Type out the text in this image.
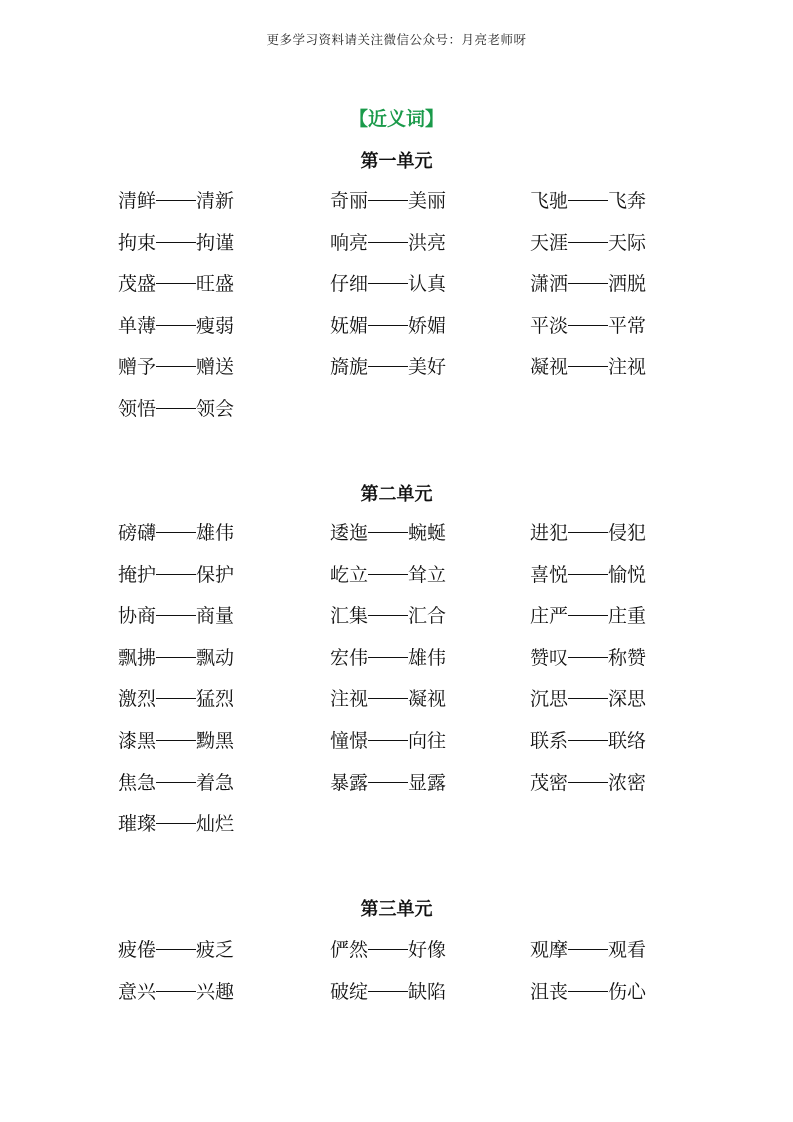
更多学习资料请关注微信公众号：月亮老师呀
【近义词】
第一单元
清鲜 清新	奇丽 美丽	飞驰 飞奔
拘束 拘谨	响亮 洪亮	天涯 天际
茂盛 旺盛	仔细 认真	潇洒 洒脱
单薄 瘦弱	妩媚 娇媚	平淡 平常
赠予 赠送	旖旎 美好	凝视 注视
领悟 领会
第二单元
磅礴 雄伟	逶迤 蜿蜒	进犯 侵犯
掩护 保护	屹立 耸立	喜悦 愉悦
协商 商量	汇集 汇合	庄严 庄重
飘拂 飘动	宏伟 雄伟	赞叹 称赞
激烈 猛烈	注视 凝视	沉思 深思
漆黑 黝黑	憧憬 向往	联系 联络
焦急 着急	暴露 显露	茂密 浓密
璀璨 灿烂
第三单元
疲倦 疲乏	俨然 好像	观摩 观看
意兴 兴趣	破绽 缺陷	沮丧 伤心
